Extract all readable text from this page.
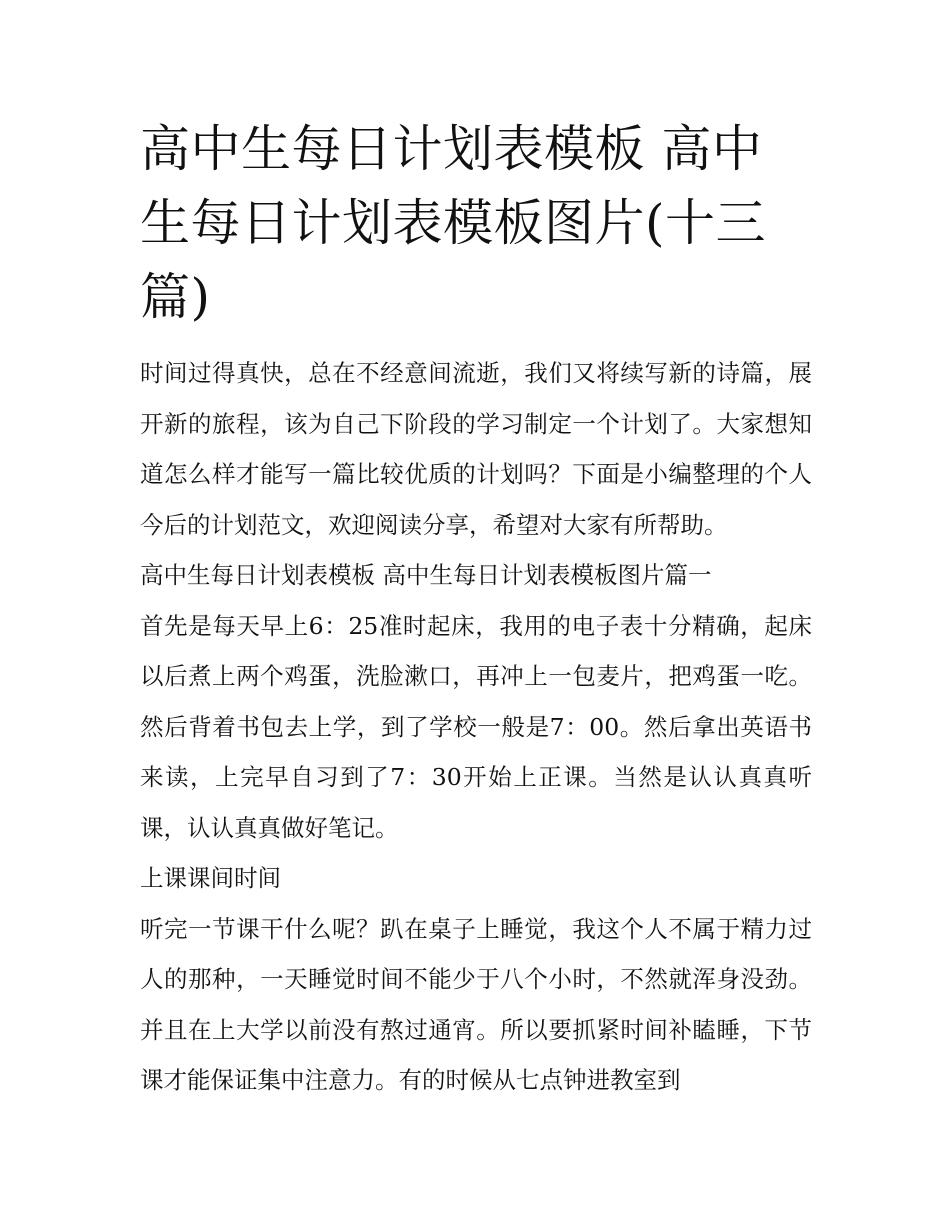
高中生每日计划表模板 高中生每日计划表模板图片(十三篇)

时间过得真快，总在不经意间流逝，我们又将续写新的诗篇，展开新的旅程，该为自己下阶段的学习制定一个计划了。大家想知道怎么样才能写一篇比较优质的计划吗？下面是小编整理的个人今后的计划范文，欢迎阅读分享，希望对大家有所帮助。

高中生每日计划表模板 高中生每日计划表模板图片篇一

首先是每天早上6：25准时起床，我用的电子表十分精确，起床以后煮上两个鸡蛋，洗脸漱口，再冲上一包麦片，把鸡蛋一吃。然后背着书包去上学，到了学校一般是7：00。然后拿出英语书来读，上完早自习到了7：30开始上正课。当然是认认真真听课，认认真真做好笔记。

上课课间时间

听完一节课干什么呢？趴在桌子上睡觉，我这个人不属于精力过人的那种，一天睡觉时间不能少于八个小时，不然就浑身没劲。并且在上大学以前没有熬过通宵。所以要抓紧时间补瞌睡，下节课才能保证集中注意力。有的时候从七点钟进教室到
